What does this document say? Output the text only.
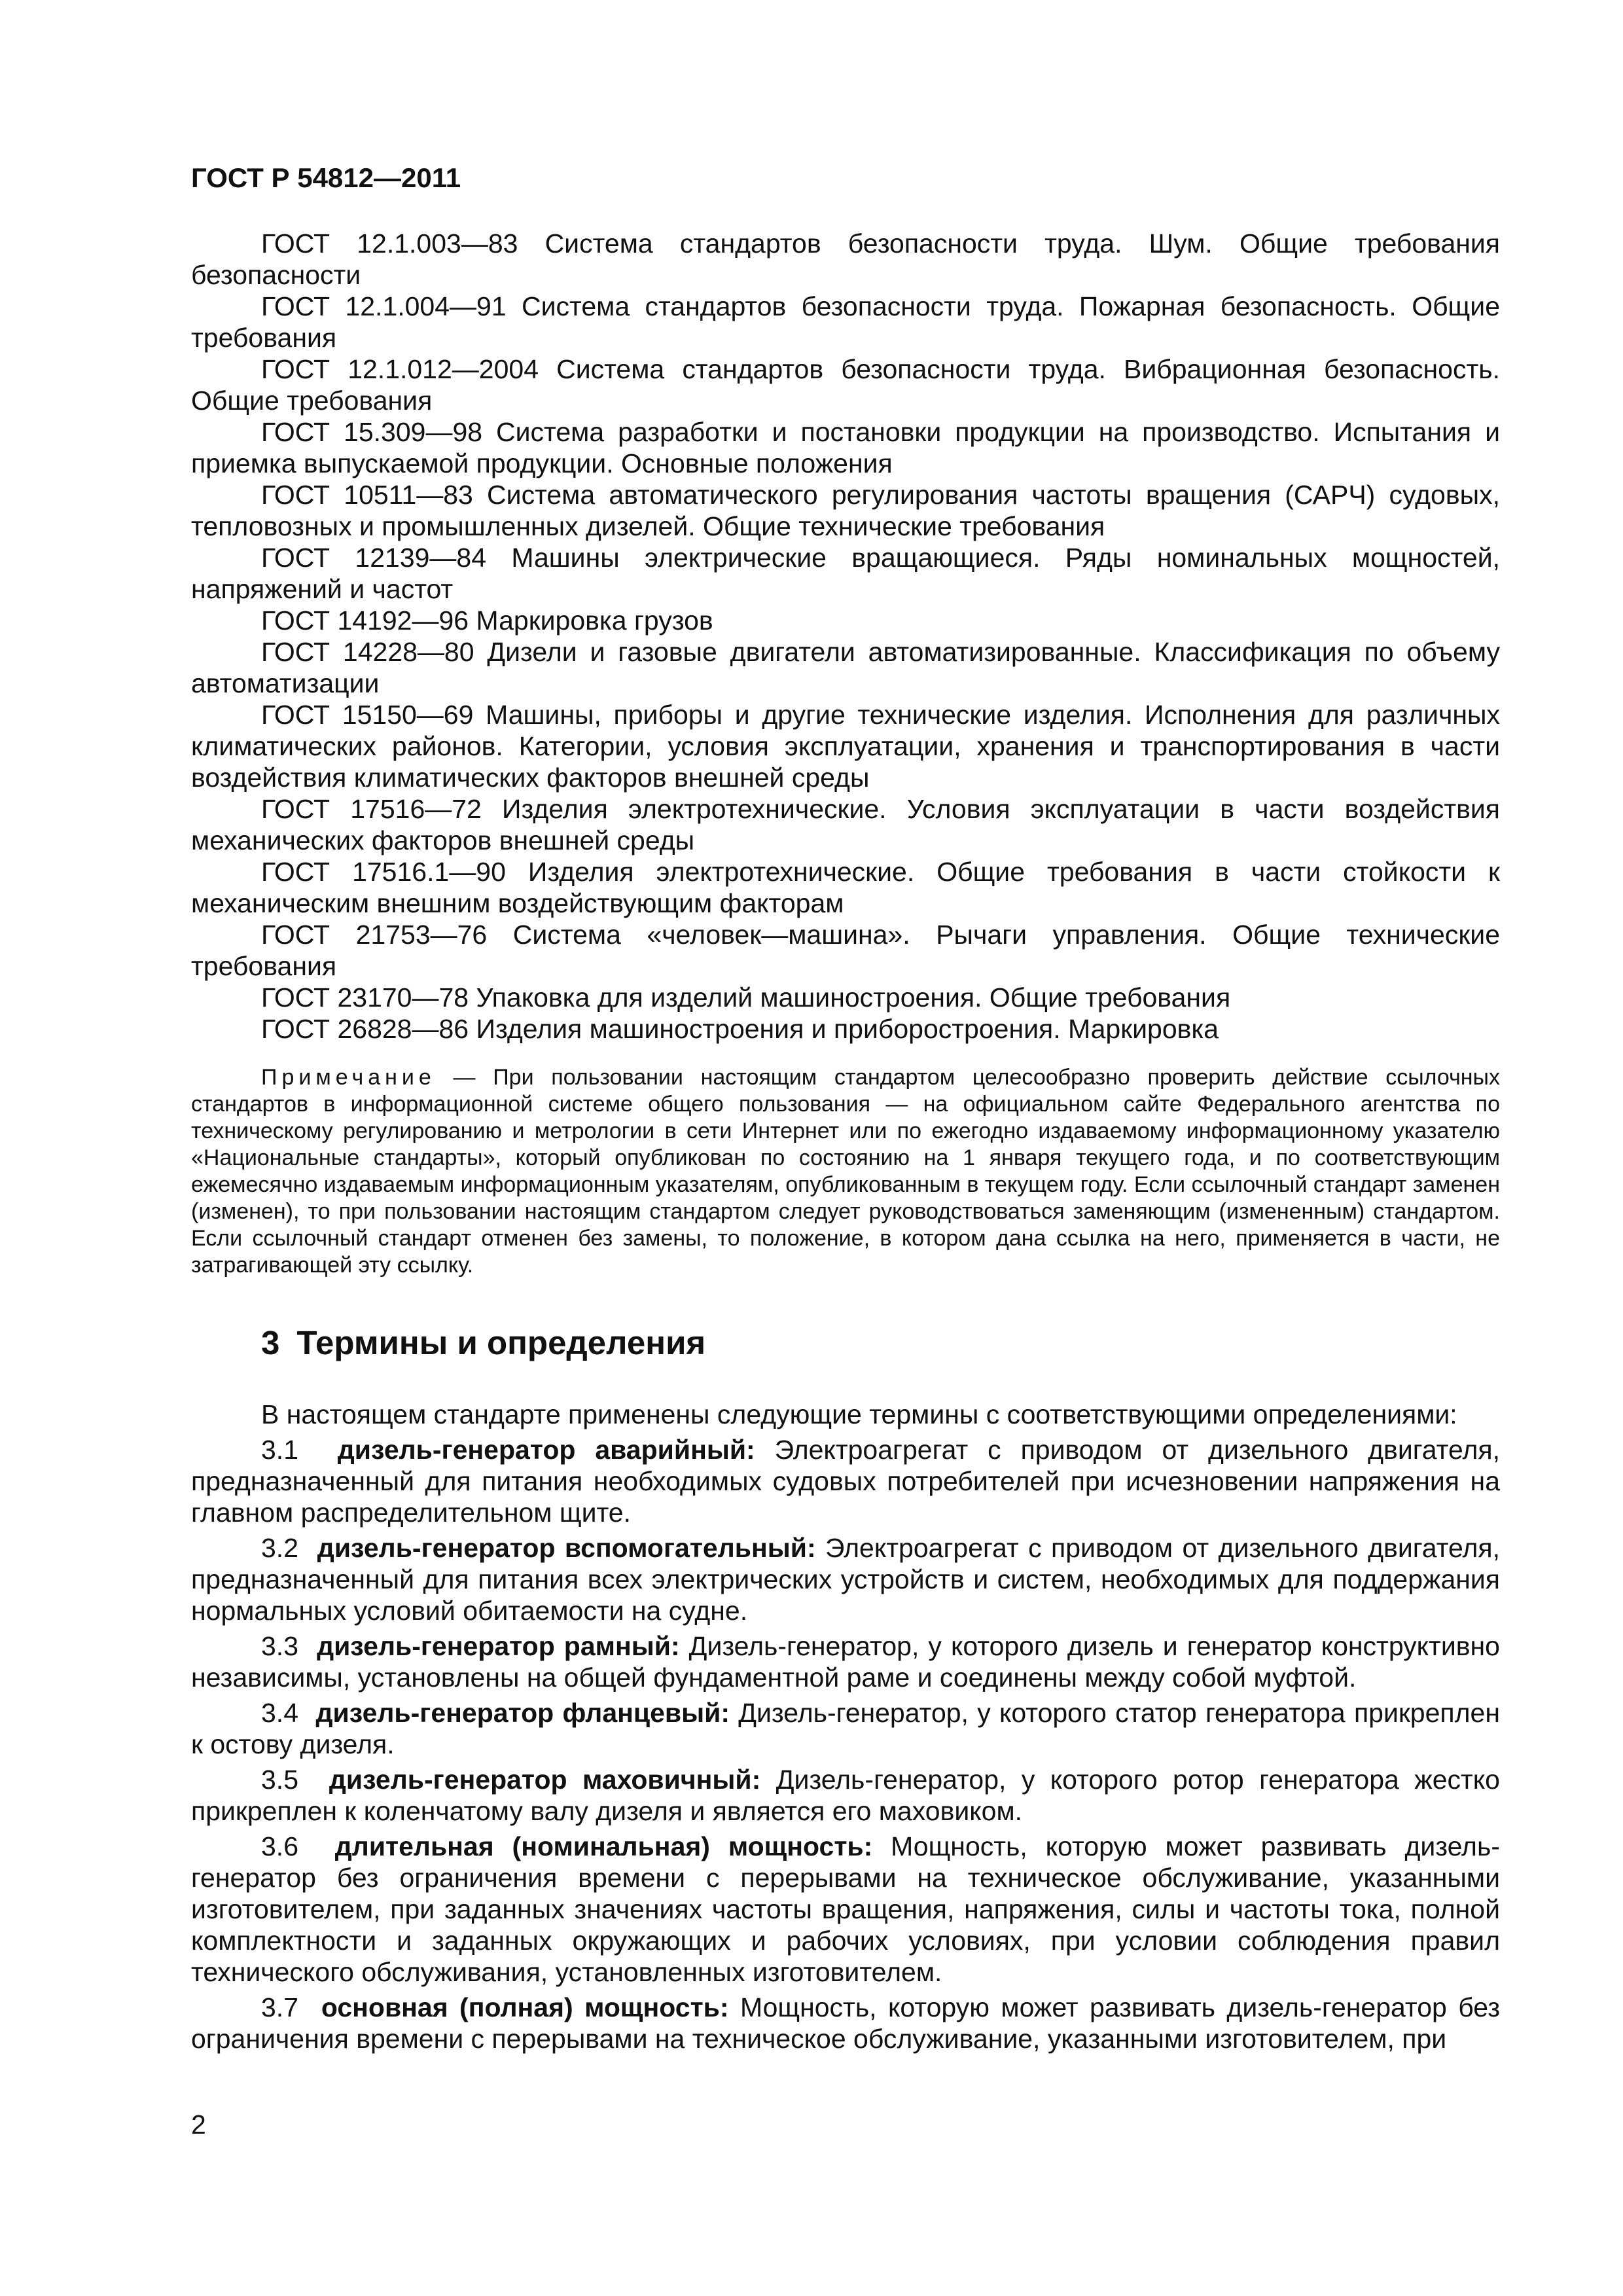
ГОСТ Р 54812—2011

ГОСТ 12.1.003—83 Система стандартов безопасности труда. Шум. Общие требования безопасности

ГОСТ 12.1.004—91 Система стандартов безопасности труда. Пожарная безопасность. Общие требования

ГОСТ 12.1.012—2004 Система стандартов безопасности труда. Вибрационная безопасность. Общие требования

ГОСТ 15.309—98 Система разработки и постановки продукции на производство. Испытания и приемка выпускаемой продукции. Основные положения

ГОСТ 10511—83 Система автоматического регулирования частоты вращения (САРЧ) судовых, тепловозных и промышленных дизелей. Общие технические требования

ГОСТ 12139—84 Машины электрические вращающиеся. Ряды номинальных мощностей, напряжений и частот

ГОСТ 14192—96 Маркировка грузов

ГОСТ 14228—80 Дизели и газовые двигатели автоматизированные. Классификация по объему автоматизации

ГОСТ 15150—69 Машины, приборы и другие технические изделия. Исполнения для различных климатических районов. Категории, условия эксплуатации, хранения и транспортирования в части воздействия климатических факторов внешней среды

ГОСТ 17516—72 Изделия электротехнические. Условия эксплуатации в части воздействия механических факторов внешней среды

ГОСТ 17516.1—90 Изделия электротехнические. Общие требования в части стойкости к механическим внешним воздействующим факторам

ГОСТ 21753—76 Система «человек—машина». Рычаги управления. Общие технические требования

ГОСТ 23170—78 Упаковка для изделий машиностроения. Общие требования

ГОСТ 26828—86 Изделия машиностроения и приборостроения. Маркировка

Примечание — При пользовании настоящим стандартом целесообразно проверить действие ссылочных стандартов в информационной системе общего пользования — на официальном сайте Федерального агентства по техническому регулированию и метрологии в сети Интернет или по ежегодно издаваемому информационному указателю «Национальные стандарты», который опубликован по состоянию на 1 января текущего года, и по соответствующим ежемесячно издаваемым информационным указателям, опубликованным в текущем году. Если ссылочный стандарт заменен (изменен), то при пользовании настоящим стандартом следует руководствоваться заменяющим (измененным) стандартом. Если ссылочный стандарт отменен без замены, то положение, в котором дана ссылка на него, применяется в части, не затрагивающей эту ссылку.

3 Термины и определения

В настоящем стандарте применены следующие термины с соответствующими определениями:

3.1 дизель-генератор аварийный: Электроагрегат с приводом от дизельного двигателя, предназначенный для питания необходимых судовых потребителей при исчезновении напряжения на главном распределительном щите.

3.2 дизель-генератор вспомогательный: Электроагрегат с приводом от дизельного двигателя, предназначенный для питания всех электрических устройств и систем, необходимых для поддержания нормальных условий обитаемости на судне.

3.3 дизель-генератор рамный: Дизель-генератор, у которого дизель и генератор конструктивно независимы, установлены на общей фундаментной раме и соединены между собой муфтой.

3.4 дизель-генератор фланцевый: Дизель-генератор, у которого статор генератора прикреплен к остову дизеля.

3.5 дизель-генератор маховичный: Дизель-генератор, у которого ротор генератора жестко прикреплен к коленчатому валу дизеля и является его маховиком.

3.6 длительная (номинальная) мощность: Мощность, которую может развивать дизель-генератор без ограничения времени с перерывами на техническое обслуживание, указанными изготовителем, при заданных значениях частоты вращения, напряжения, силы и частоты тока, полной комплектности и заданных окружающих и рабочих условиях, при условии соблюдения правил технического обслуживания, установленных изготовителем.

3.7 основная (полная) мощность: Мощность, которую может развивать дизель-генератор без ограничения времени с перерывами на техническое обслуживание, указанными изготовителем, при

2
